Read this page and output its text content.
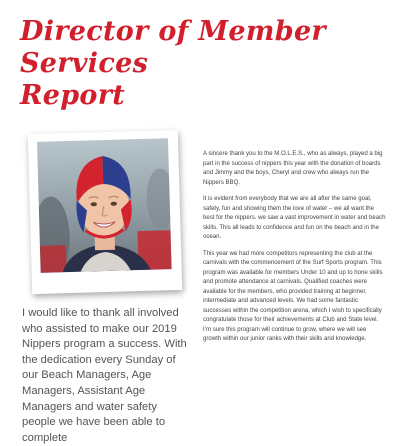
Director of Member Services
Report

I would like to thank all involved who assisted to make our 2019 Nippers program a success. With the dedication every Sunday of our Beach Managers, Age Managers, Assistant Age Managers and water safety people we have been able to complete

A sincere thank you to the M.O.L.E.S., who as always, played a big part in the success of nippers this year with the donation of boards and Jimmy and the boys, Cheryl and crew who always run the Nippers BBQ.

It is evident from everybody that we are all after the same goal, safety, fun and showing them the love of water – we all want the best for the nippers. we saw a vast improvement in water and beach skills. This all leads to confidence and fun on the beach and in the ocean.

This year we had more competitors representing the club at the carnivals with the commencement of the Surf Sports program. This program was available for members Under 10 and up to hone skills and promote attendance at carnivals. Qualified coaches were available for the members, who provided training at beginner, intermediate and advanced levels. We had some fantastic successes within the competition arena, which I wish to specifically congratulate those for their achievements at Club and State level. I’m sure this program will continue to grow, where we will see growth within our junior ranks with their skills and knowledge.
